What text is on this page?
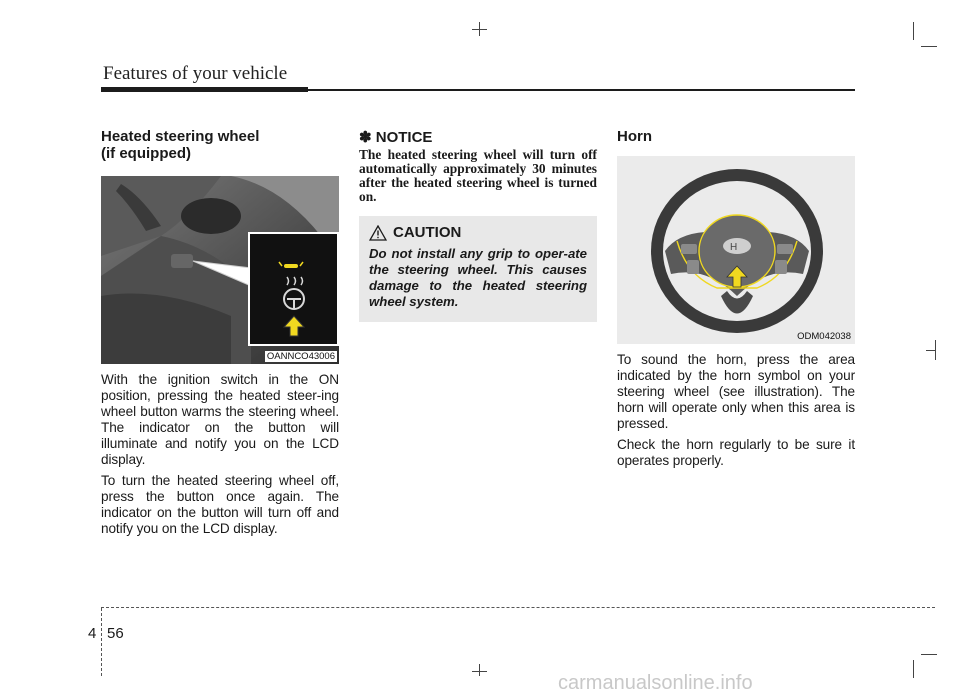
Features of your vehicle
Heated steering wheel
(if equipped)
OANNCO43006

With the ignition switch in the ON position, pressing the heated steer-ing wheel button warms the steering wheel. The indicator on the button will illuminate and notify you on the LCD display.

To turn the heated steering wheel off, press the button once again. The indicator on the button will turn off and notify you on the LCD display.

✽ NOTICE

The heated steering wheel will turn off automatically approximately 30 minutes after the heated steering wheel is turned on.

CAUTION

Do not install any grip to oper-ate the steering wheel. This causes damage to the heated steering wheel system.

Horn
H
ODM042038

To sound the horn, press the area indicated by the horn symbol on your steering wheel (see illustration). The horn will operate only when this area is pressed.

Check the horn regularly to be sure it operates properly.

4 56
carmanualsonline.info
